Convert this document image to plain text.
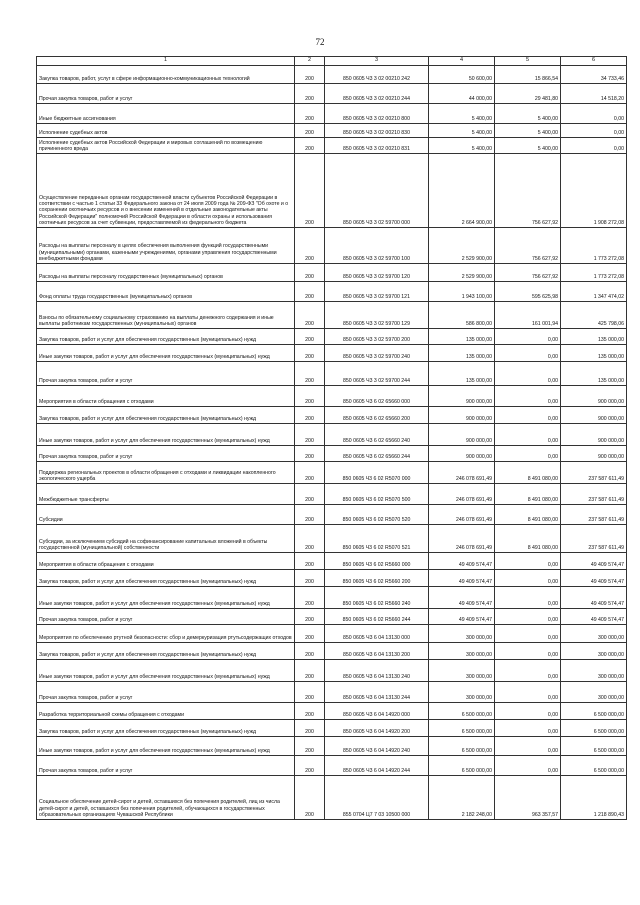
72
1	2	3	4	5	6
Закупка товаров, работ, услуг в сфере информационно-коммуникационных технологий	200	850 0605 Ч3 3 02 00210 242	50 600,00	15 866,54	34 733,46
Прочая закупка товаров, работ и услуг	200	850 0605 Ч3 3 02 00210 244	44 000,00	29 481,80	14 518,20
Иные бюджетные ассигнования	200	850 0605 Ч3 3 02 00210 800	5 400,00	5 400,00	0,00
Исполнение судебных актов	200	850 0605 Ч3 3 02 00210 830	5 400,00	5 400,00	0,00
Исполнение судебных актов Российской Федерации и мировых соглашений по возмещению причиненного вреда	200	850 0605 Ч3 3 02 00210 831	5 400,00	5 400,00	0,00
Осуществление переданных органам государственной власти субъектов Российской Федерации в соответствии с частью 1 статьи 33 Федерального закона от 24 июля 2009 года № 209-ФЗ "Об охоте и о сохранении охотничьих ресурсов и о внесении изменений в отдельные законодательные акты Российской Федерации" полномочий Российской Федерации в области охраны и использования охотничьих ресурсов за счет субвенции, предоставляемой из федерального бюджета	200	850 0605 Ч3 3 02 59700 000	2 664 900,00	756 627,92	1 908 272,08
Расходы на выплаты персоналу в целях обеспечения выполнения функций государственными (муниципальными) органами, казенными учреждениями, органами управления государственными внебюджетными фондами	200	850 0605 Ч3 3 02 59700 100	2 529 900,00	756 627,92	1 773 272,08
Расходы на выплаты персоналу государственных (муниципальных) органов	200	850 0605 Ч3 3 02 59700 120	2 529 900,00	756 627,92	1 773 272,08
Фонд оплаты труда государственных (муниципальных) органов	200	850 0605 Ч3 3 02 59700 121	1 943 100,00	595 625,98	1 347 474,02
Взносы по обязательному социальному страхованию на выплаты денежного содержания и иные выплаты работникам государственных (муниципальных) органов	200	850 0605 Ч3 3 02 59700 129	586 800,00	161 001,94	425 798,06
Закупка товаров, работ и услуг для обеспечения государственных (муниципальных) нужд	200	850 0605 Ч3 3 02 59700 200	135 000,00	0,00	135 000,00
Иные закупки товаров, работ и услуг для обеспечения государственных (муниципальных) нужд	200	850 0605 Ч3 3 02 59700 240	135 000,00	0,00	135 000,00
Прочая закупка товаров, работ и услуг	200	850 0605 Ч3 3 02 59700 244	135 000,00	0,00	135 000,00
Мероприятия в области обращения с отходами	200	850 0605 Ч3 6 02 65660 000	900 000,00	0,00	900 000,00
Закупка товаров, работ и услуг для обеспечения государственных (муниципальных) нужд	200	850 0605 Ч3 6 02 65660 200	900 000,00	0,00	900 000,00
Иные закупки товаров, работ и услуг для обеспечения государственных (муниципальных) нужд	200	850 0605 Ч3 6 02 65660 240	900 000,00	0,00	900 000,00
Прочая закупка товаров, работ и услуг	200	850 0605 Ч3 6 02 65660 244	900 000,00	0,00	900 000,00
Поддержка региональных проектов в области обращения с отходами и ликвидации накопленного экологического ущерба	200	850 0605 Ч3 6 02 R5070 000	246 078 691,49	8 491 080,00	237 587 611,49
Межбюджетные трансферты	200	850 0605 Ч3 6 02 R5070 500	246 078 691,49	8 491 080,00	237 587 611,49
Субсидии	200	850 0605 Ч3 6 02 R5070 520	246 078 691,49	8 491 080,00	237 587 611,49
Субсидии, за исключением субсидий на софинансирование капитальных вложений в объекты государственной (муниципальной) собственности	200	850 0605 Ч3 6 02 R5070 521	246 078 691,49	8 491 080,00	237 587 611,49
Мероприятия в области обращения с отходами	200	850 0605 Ч3 6 02 R5660 000	49 409 574,47	0,00	49 409 574,47
Закупка товаров, работ и услуг для обеспечения государственных (муниципальных) нужд	200	850 0605 Ч3 6 02 R5660 200	49 409 574,47	0,00	49 409 574,47
Иные закупки товаров, работ и услуг для обеспечения государственных (муниципальных) нужд	200	850 0605 Ч3 6 02 R5660 240	49 409 574,47	0,00	49 409 574,47
Прочая закупка товаров, работ и услуг	200	850 0605 Ч3 6 02 R5660 244	49 409 574,47	0,00	49 409 574,47
Мероприятия по обеспечению ртутной безопасности: сбор и демеркуризация ртутьсодержащих отходов	200	850 0605 Ч3 6 04 13130 000	300 000,00	0,00	300 000,00
Закупка товаров, работ и услуг для обеспечения государственных (муниципальных) нужд	200	850 0605 Ч3 6 04 13130 200	300 000,00	0,00	300 000,00
Иные закупки товаров, работ и услуг для обеспечения государственных (муниципальных) нужд	200	850 0605 Ч3 6 04 13130 240	300 000,00	0,00	300 000,00
Прочая закупка товаров, работ и услуг	200	850 0605 Ч3 6 04 13130 244	300 000,00	0,00	300 000,00
Разработка территориальной схемы обращения с отходами	200	850 0605 Ч3 6 04 14920 000	6 500 000,00	0,00	6 500 000,00
Закупка товаров, работ и услуг для обеспечения государственных (муниципальных) нужд	200	850 0605 Ч3 6 04 14920 200	6 500 000,00	0,00	6 500 000,00
Иные закупки товаров, работ и услуг для обеспечения государственных (муниципальных) нужд	200	850 0605 Ч3 6 04 14920 240	6 500 000,00	0,00	6 500 000,00
Прочая закупка товаров, работ и услуг	200	850 0605 Ч3 6 04 14920 244	6 500 000,00	0,00	6 500 000,00
Социальное обеспечение детей-сирот и детей, оставшихся без попечения родителей, лиц из числа детей-сирот и детей, оставшихся без попечения родителей, обучающихся в государственных образовательных организациях Чувашской Республики	200	855 0704 Ц7 7 03 10500 000	2 182 248,00	963 357,57	1 218 890,43
